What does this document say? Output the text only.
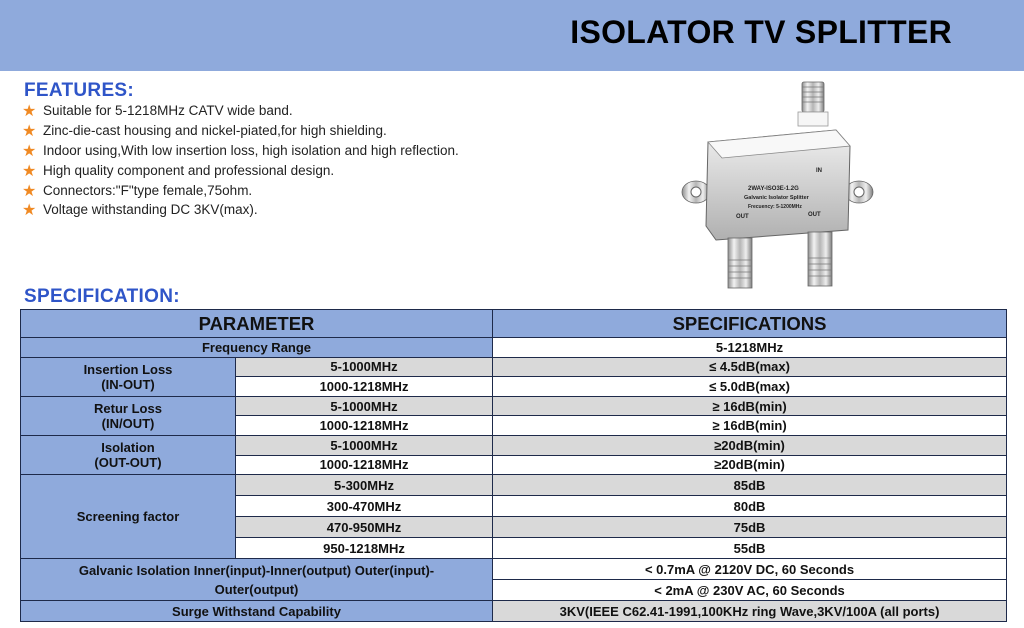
ISOLATOR TV SPLITTER
FEATURES:
★ Suitable for 5-1218MHz CATV wide band.
★ Zinc-die-cast housing and nickel-piated,for high shielding.
★ Indoor using,With low insertion loss, high isolation and high reflection.
★ High quality component and professional design.
★ Connectors:"F"type female,75ohm.
★ Voltage withstanding DC 3KV(max).
IN
2WAY-ISO3E-1.2G
Galvanic Isolator Splitter
Frecuency: 5-1200MHz
OUT	OUT
SPECIFICATION:
PARAMETER		SPECIFICATIONS
Frequency Range		5-1218MHz

Insertion Loss
(IN-OUT)	5-1000MHz	≤ 4.5dB(max)
	1000-1218MHz	≤ 5.0dB(max)

Retur Loss
(IN/OUT)	5-1000MHz	≥ 16dB(min)
	1000-1218MHz	≥ 16dB(min)

Isolation
(OUT-OUT)	5-1000MHz	≥20dB(min)
	1000-1218MHz	≥20dB(min)
Screening factor	5-300MHz	85dB
	300-470MHz	80dB
	470-950MHz	75dB
	950-1218MHz	55dB

Galvanic Isolation Inner(input)-Inner(output) Outer(input)-
Outer(output)		< 0.7mA @ 2120V DC, 60 Seconds
		< 2mA @ 230V AC, 60 Seconds
Surge Withstand Capability		3KV(IEEE C62.41-1991,100KHz ring Wave,3KV/100A (all ports)
